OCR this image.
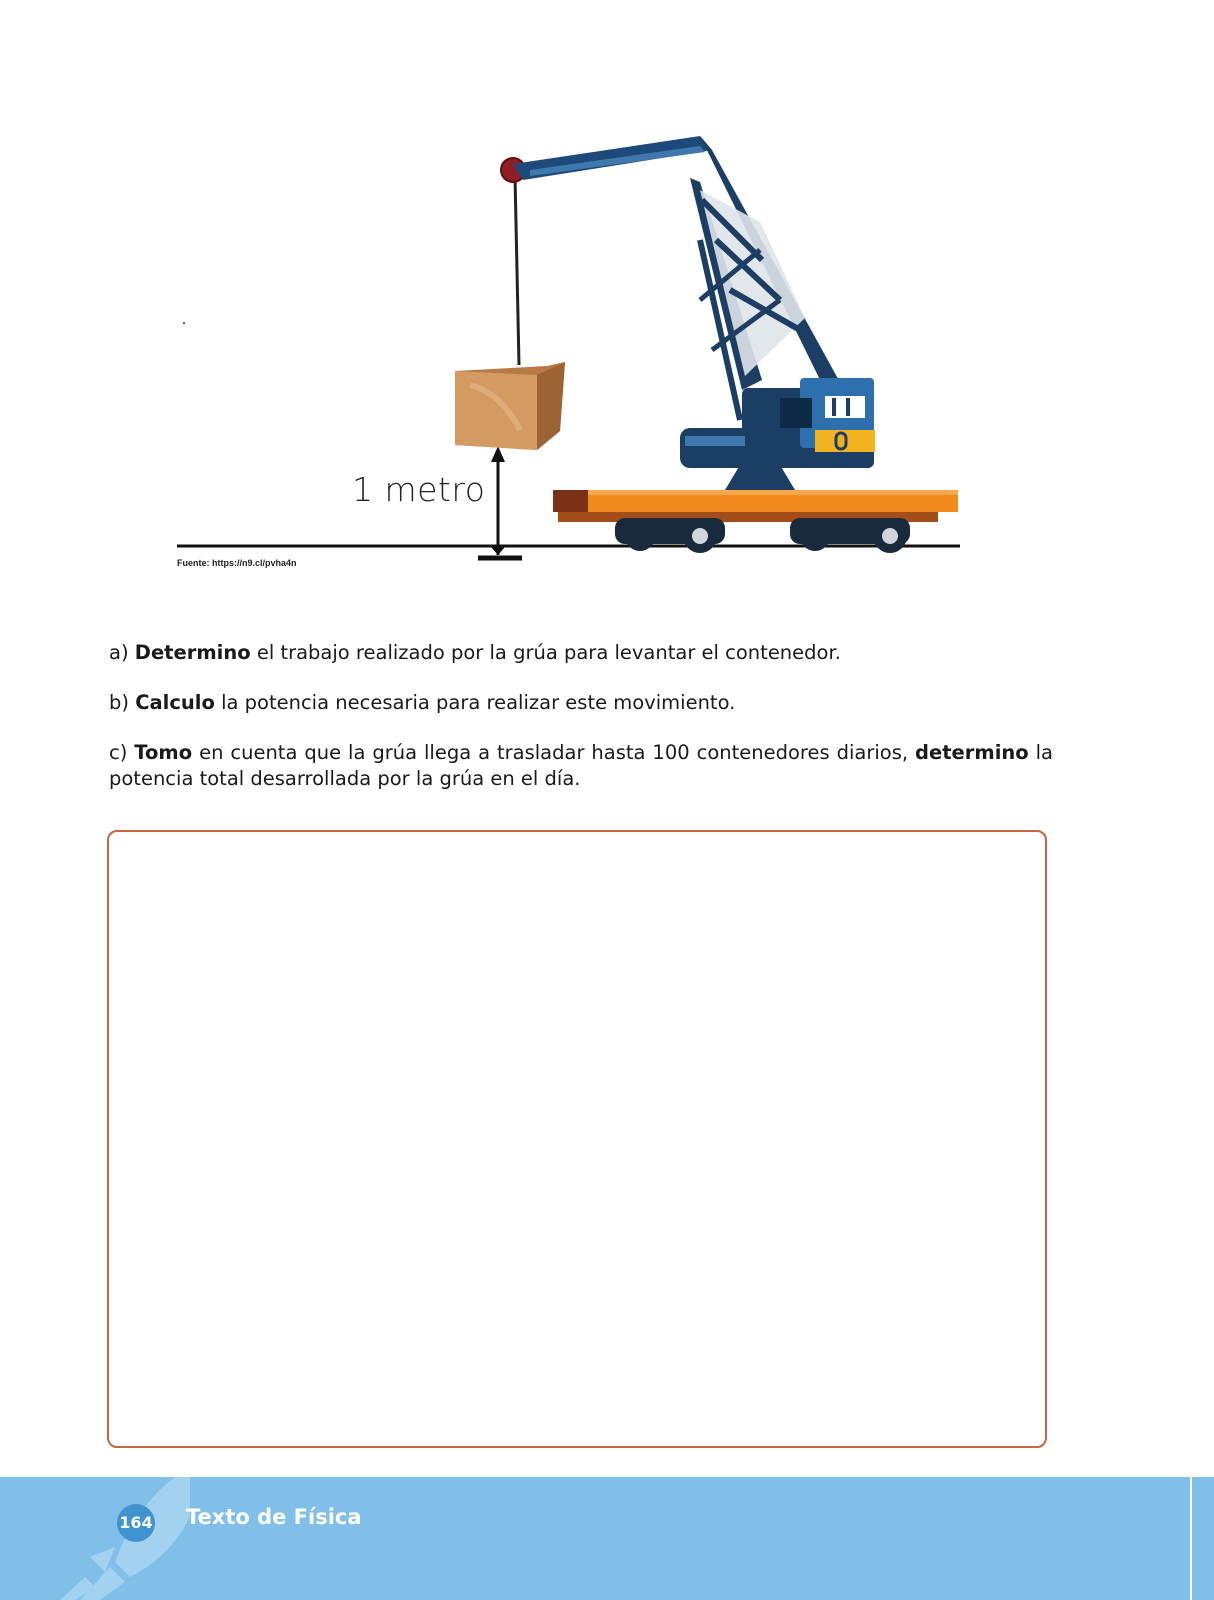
1 metro
Fuente: https://n9.cl/pvha4n

a) Determino el trabajo realizado por la grúa para levantar el contenedor.

b) Calculo la potencia necesaria para realizar este movimiento.

c) Tomo en cuenta que la grúa llega a trasladar hasta 100 contenedores diarios, determino la potencia total desarrollada por la grúa en el día.

164 Texto de Física
